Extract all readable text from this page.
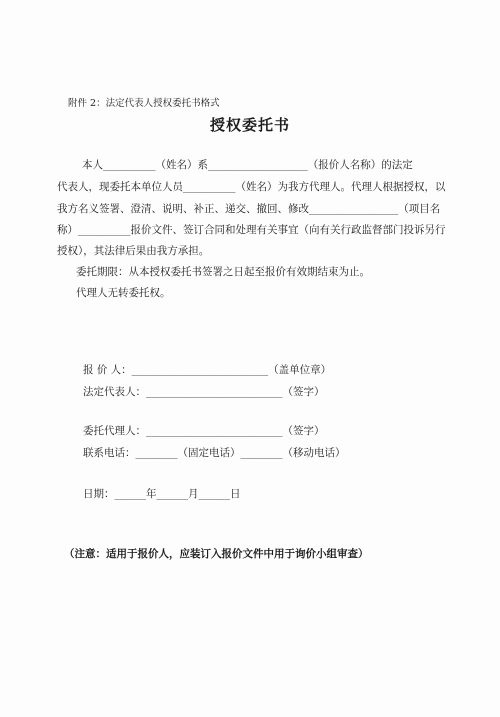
附件 2：法定代表人授权委托书格式
授权委托书
本人__________（姓名）系___________________（报价人名称）的法定
代表人，现委托本单位人员__________（姓名）为我方代理人。代理人根据授权，以
我方名义签署、澄清、说明、补正、递交、撤回、修改_________________（项目名
称）__________报价文件、签订合同和处理有关事宜（向有关行政监督部门投诉另行
授权），其法律后果由我方承担。
委托期限：从本授权委托书签署之日起至报价有效期结束为止。
代理人无转委托权。
报 价 人：__________________________（盖单位章）
法定代表人：__________________________（签字）
委托代理人：__________________________（签字）
联系电话：________（固定电话）________（移动电话）
日期：______年______月______日
（注意：适用于报价人，应装订入报价文件中用于询价小组审查）
